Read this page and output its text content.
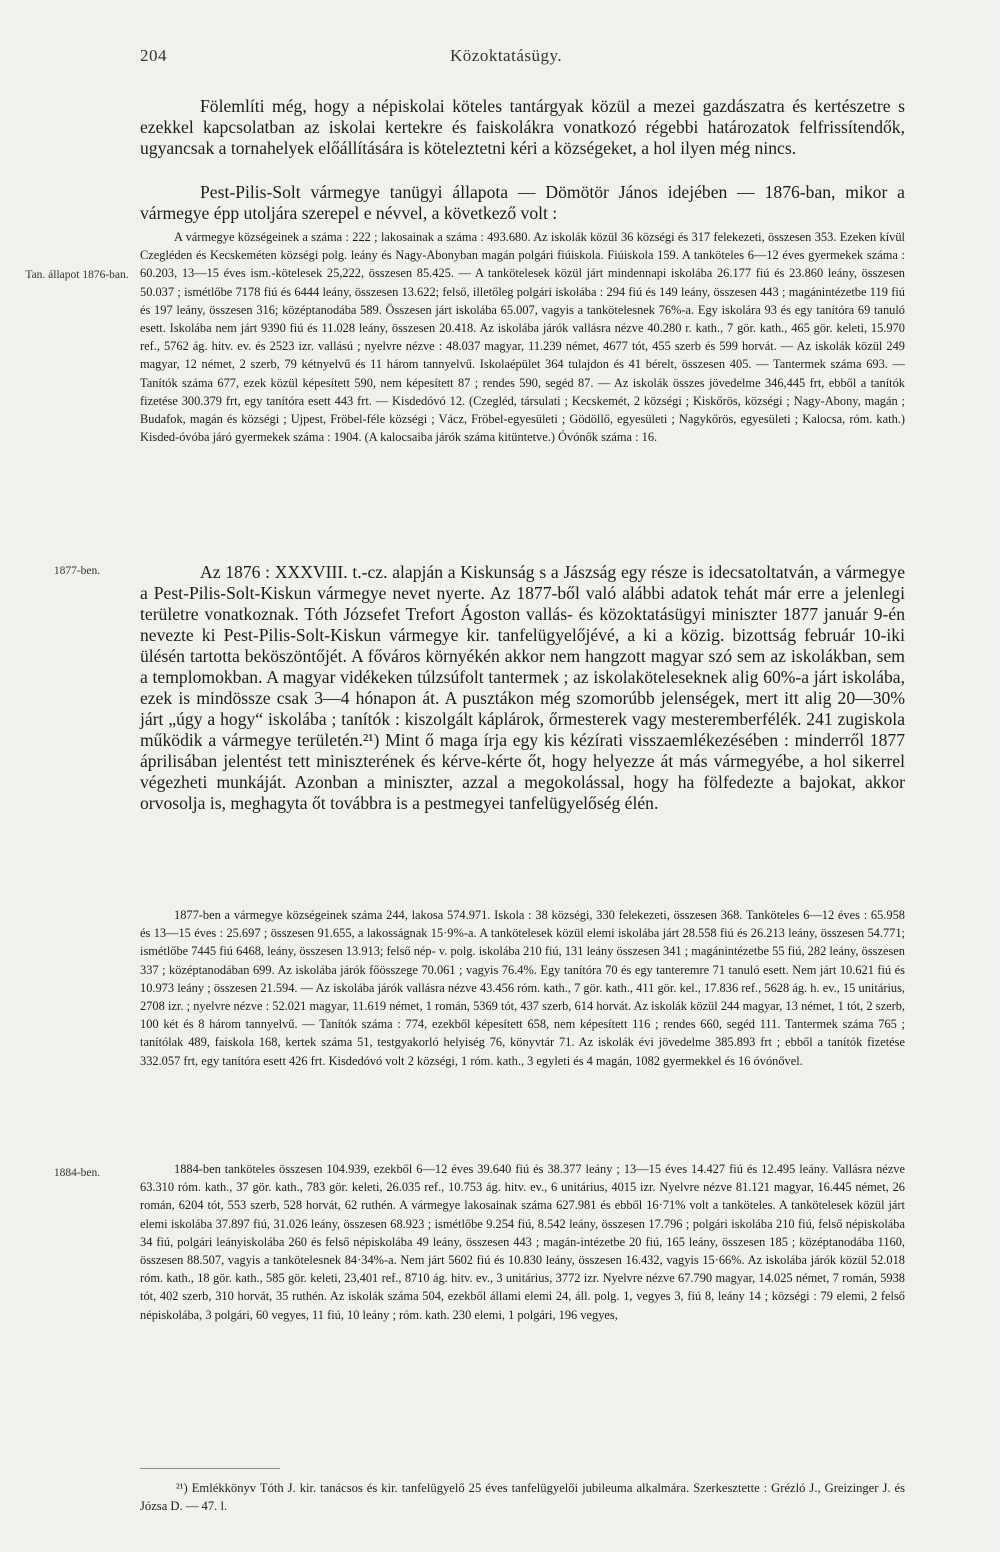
204	Közoktatásügy.
Tan. állapot 1876-ban.
1877-ben.
1884-ben.

Fölemlíti még, hogy a népiskolai köteles tantárgyak közül a mezei gazdászatra és kertészetre s ezekkel kapcsolatban az iskolai kertekre és faiskolákra vonatkozó régebbi határozatok felfrissítendők, ugyancsak a tornahelyek előállítására is köteleztetni kéri a községeket, a hol ilyen még nincs.

Pest-Pilis-Solt vármegye tanügyi állapota — Dömötör János idejében — 1876-ban, mikor a vármegye épp utoljára szerepel e névvel, a következő volt :

A vármegye községeinek a száma : 222 ; lakosainak a száma : 493.680. Az iskolák közül 36 községi és 317 felekezeti, összesen 353. Ezeken kívül Czegléden és Kecskeméten községi polg. leány és Nagy-Abonyban magán polgári fiúiskola. Fiúiskola 159. A tanköteles 6—12 éves gyermekek száma : 60.203, 13—15 éves ism.-kötelesek 25,222, összesen 85.425. — A tankötelesek közül járt mindennapi iskolába 26.177 fiú és 23.860 leány, összesen 50.037 ; ismétlőbe 7178 fiú és 6444 leány, összesen 13.622; felső, illetőleg polgári iskolába : 294 fiú és 149 leány, összesen 443 ; magánintézetbe 119 fiú és 197 leány, összesen 316; középtanodába 589. Összesen járt iskolába 65.007, vagyis a tankötelesnek 76%-a. Egy iskolára 93 és egy tanítóra 69 tanuló esett. Iskolába nem járt 9390 fiú és 11.028 leány, összesen 20.418. Az iskolába járók vallásra nézve 40.280 r. kath., 7 gör. kath., 465 gör. keleti, 15.970 ref., 5762 ág. hitv. ev. és 2523 izr. vallású ; nyelvre nézve : 48.037 magyar, 11.239 német, 4677 tót, 455 szerb és 599 horvát. — Az iskolák közül 249 magyar, 12 német, 2 szerb, 79 kétnyelvű és 11 három tannyelvű. Iskolaépület 364 tulajdon és 41 bérelt, összesen 405. — Tantermek száma 693. — Tanítók száma 677, ezek közül képesített 590, nem képesített 87 ; rendes 590, segéd 87. — Az iskolák összes jövedelme 346,445 frt, ebből a tanítók fizetése 300.379 frt, egy tanítóra esett 443 frt. — Kisdedóvó 12. (Czegléd, társulati ; Kecskemét, 2 községi ; Kiskőrös, községi ; Nagy-Abony, magán ; Budafok, magán és községi ; Ujpest, Fröbel-féle községi ; Vácz, Fröbel-egyesületi ; Gödöllő, egyesületi ; Nagykőrös, egyesületi ; Kalocsa, róm. kath.) Kisded-óvóba járó gyermekek száma : 1904. (A kalocsaiba járók száma kitüntetve.) Óvónők száma : 16.

Az 1876 : XXXVIII. t.-cz. alapján a Kiskunság s a Jászság egy része is idecsatoltatván, a vármegye a Pest-Pilis-Solt-Kiskun vármegye nevet nyerte. Az 1877-ből való alábbi adatok tehát már erre a jelenlegi területre vonatkoznak. Tóth Józsefet Trefort Ágoston vallás- és közoktatásügyi miniszter 1877 január 9-én nevezte ki Pest-Pilis-Solt-Kiskun vármegye kir. tanfelügyelőjévé, a ki a közig. bizottság február 10-iki ülésén tartotta beköszöntőjét. A főváros környékén akkor nem hangzott magyar szó sem az iskolákban, sem a templomokban. A magyar vidékeken túlzsúfolt tantermek ; az iskolaköteleseknek alig 60%-a járt iskolába, ezek is mindössze csak 3—4 hónapon át. A pusztákon még szomorúbb jelenségek, mert itt alig 20—30% járt „úgy a hogy“ iskolába ; tanítók : kiszolgált káplárok, őrmesterek vagy mesteremberfélék. 241 zugiskola működik a vármegye területén.²¹) Mint ő maga írja egy kis kézírati visszaemlékezésében : minderről 1877 áprilisában jelentést tett miniszterének és kérve-kérte őt, hogy helyezze át más vármegyébe, a hol sikerrel végezheti munkáját. Azonban a miniszter, azzal a megokolással, hogy ha fölfedezte a bajokat, akkor orvosolja is, meghagyta őt továbbra is a pestmegyei tanfelügyelőség élén.

1877-ben a vármegye községeinek száma 244, lakosa 574.971. Iskola : 38 községi, 330 felekezeti, összesen 368. Tanköteles 6—12 éves : 65.958 és 13—15 éves : 25.697 ; összesen 91.655, a lakosságnak 15·9%-a. A tankötelesek közül elemi iskolába járt 28.558 fiú és 26.213 leány, összesen 54.771; ismétlőbe 7445 fiú 6468, leány, összesen 13.913; felső nép- v. polg. iskolába 210 fiú, 131 leány összesen 341 ; magánintézetbe 55 fiú, 282 leány, összesen 337 ; középtanodában 699. Az iskolába járók főösszege 70.061 ; vagyis 76.4%. Egy tanítóra 70 és egy tanteremre 71 tanuló esett. Nem járt 10.621 fiú és 10.973 leány ; összesen 21.594. — Az iskolába járók vallásra nézve 43.456 róm. kath., 7 gör. kath., 411 gör. kel., 17.836 ref., 5628 ág. h. ev., 15 unitárius, 2708 izr. ; nyelvre nézve : 52.021 magyar, 11.619 német, 1 román, 5369 tót, 437 szerb, 614 horvát. Az iskolák közül 244 magyar, 13 német, 1 tót, 2 szerb, 100 két és 8 három tannyelvű. — Tanítók száma : 774, ezekből képesített 658, nem képesített 116 ; rendes 660, segéd 111. Tantermek száma 765 ; tanítólak 489, faiskola 168, kertek száma 51, testgyakorló helyiség 76, könyvtár 71. Az iskolák évi jövedelme 385.893 frt ; ebből a tanítók fizetése 332.057 frt, egy tanítóra esett 426 frt. Kisdedóvó volt 2 községi, 1 róm. kath., 3 egyleti és 4 magán, 1082 gyermekkel és 16 óvónővel.

1884-ben tanköteles összesen 104.939, ezekből 6—12 éves 39.640 fiú és 38.377 leány ; 13—15 éves 14.427 fiú és 12.495 leány. Vallásra nézve 63.310 róm. kath., 37 gör. kath., 783 gör. keleti, 26.035 ref., 10.753 ág. hitv. ev., 6 unitárius, 4015 izr. Nyelvre nézve 81.121 magyar, 16.445 német, 26 román, 6204 tót, 553 szerb, 528 horvát, 62 ruthén. A vármegye lakosainak száma 627.981 és ebből 16·71% volt a tanköteles. A tankötelesek közül járt elemi iskolába 37.897 fiú, 31.026 leány, összesen 68.923 ; ismétlőbe 9.254 fiú, 8.542 leány, összesen 17.796 ; polgári iskolába 210 fiú, felső népiskolába 34 fiú, polgári leányiskolába 260 és felső népiskolába 49 leány, összesen 443 ; magán-intézetbe 20 fiú, 165 leány, összesen 185 ; középtanodába 1160, összesen 88.507, vagyis a tankötelesnek 84·34%-a. Nem járt 5602 fiú és 10.830 leány, összesen 16.432, vagyis 15·66%. Az iskolába járók közül 52.018 róm. kath., 18 gör. kath., 585 gör. keleti, 23,401 ref., 8710 ág. hitv. ev., 3 unitárius, 3772 izr. Nyelvre nézve 67.790 magyar, 14.025 német, 7 román, 5938 tót, 402 szerb, 310 horvát, 35 ruthén. Az iskolák száma 504, ezekből állami elemi 24, áll. polg. 1, vegyes 3, fiú 8, leány 14 ; községi : 79 elemi, 2 felső népiskolába, 3 polgári, 60 vegyes, 11 fiú, 10 leány ; róm. kath. 230 elemi, 1 polgári, 196 vegyes,

²¹) Emlékkönyv Tóth J. kir. tanácsos és kir. tanfelügyelő 25 éves tanfelügyelői jubileuma alkalmára. Szerkesztette : Grézló J., Greizinger J. és Józsa D. — 47. l.
